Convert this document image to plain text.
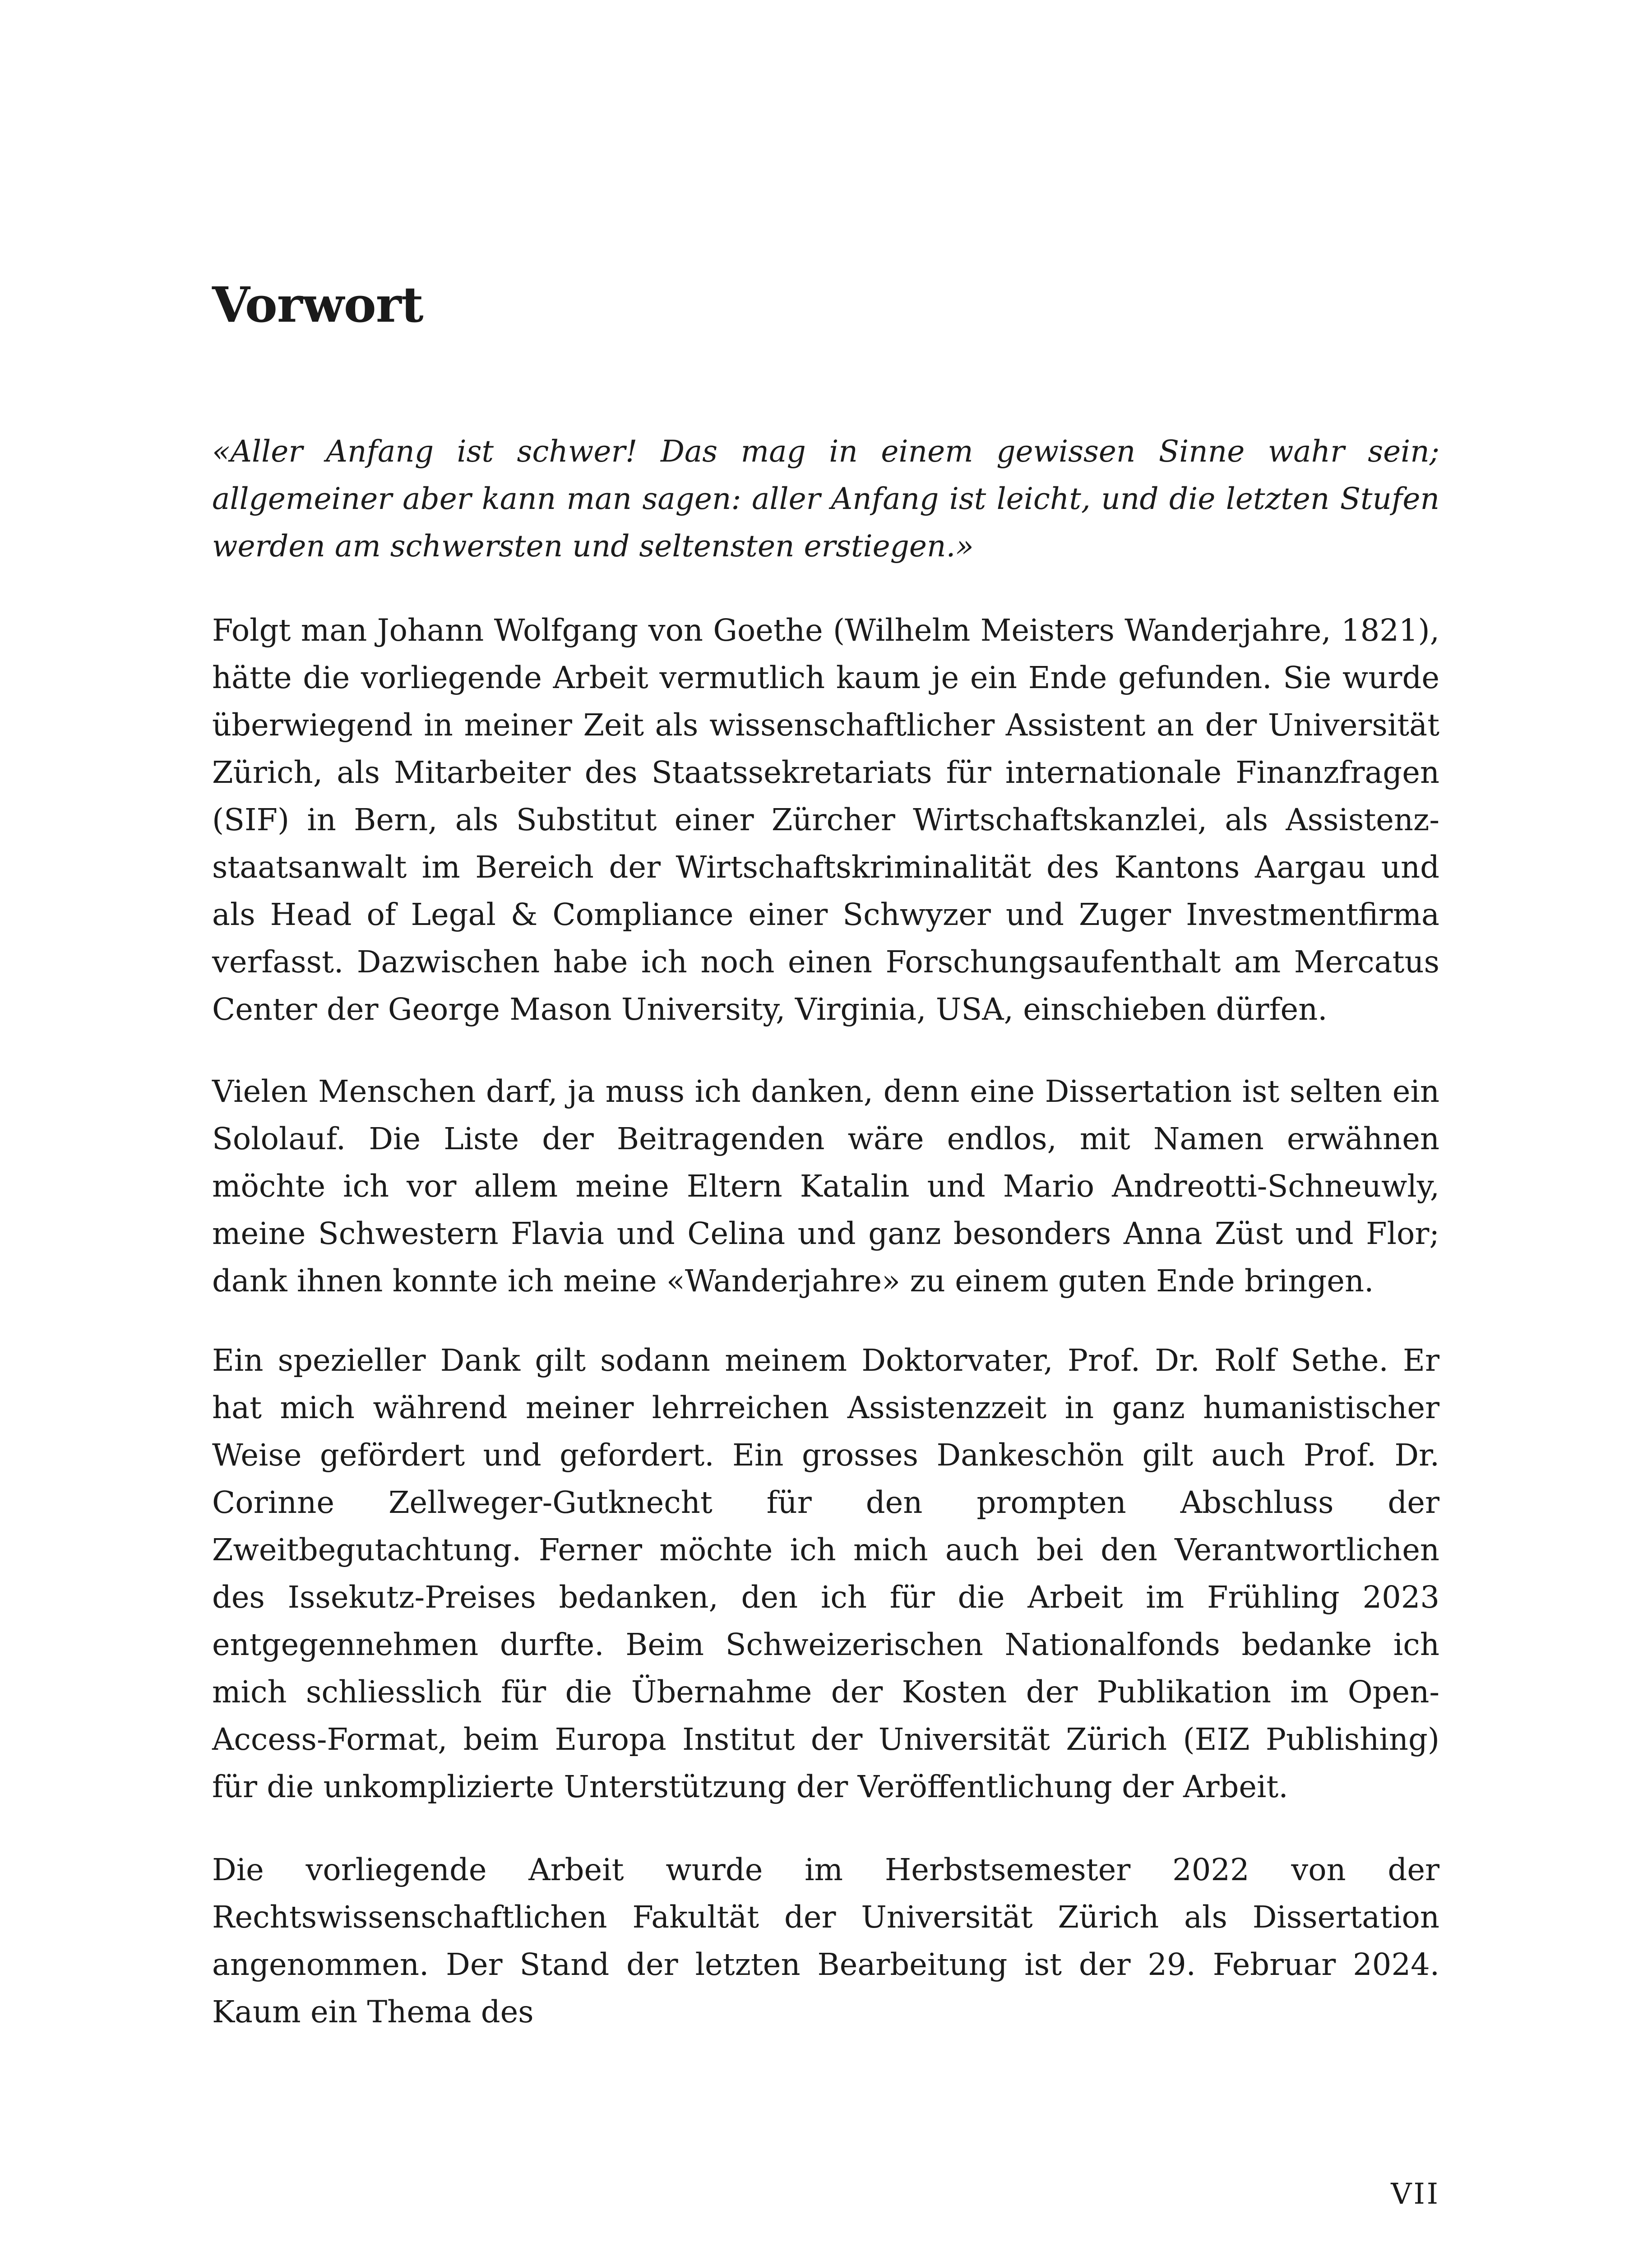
Vorwort

«Aller Anfang ist schwer! Das mag in einem gewissen Sinne wahr sein; allgemeiner aber kann man sagen: aller Anfang ist leicht, und die letzten Stufen werden am schwersten und seltensten erstiegen.»

Folgt man Johann Wolfgang von Goethe (Wilhelm Meisters Wanderjahre, 1821), hätte die vorliegende Arbeit vermutlich kaum je ein Ende gefunden. Sie wurde überwiegend in meiner Zeit als wissenschaftlicher Assistent an der Universität Zürich, als Mitarbeiter des Staatssekretariats für internationale Finanzfragen (SIF) in Bern, als Substitut einer Zürcher Wirtschaftskanzlei, als Assistenzstaatsanwalt im Bereich der Wirtschaftskriminalität des Kantons Aargau und als Head of Legal & Compliance einer Schwyzer und Zuger Investmentfirma verfasst. Dazwischen habe ich noch einen Forschungsaufenthalt am Mercatus Center der George Mason University, Virginia, USA, einschieben dürfen.

Vielen Menschen darf, ja muss ich danken, denn eine Dissertation ist selten ein Sololauf. Die Liste der Beitragenden wäre endlos, mit Namen erwähnen möchte ich vor allem meine Eltern Katalin und Mario Andreotti-Schneuwly, meine Schwestern Flavia und Celina und ganz besonders Anna Züst und Flor; dank ihnen konnte ich meine «Wanderjahre» zu einem guten Ende bringen.

Ein spezieller Dank gilt sodann meinem Doktorvater, Prof. Dr. Rolf Sethe. Er hat mich während meiner lehrreichen Assistenzzeit in ganz humanistischer Weise gefördert und gefordert. Ein grosses Dankeschön gilt auch Prof. Dr. Corinne Zellweger-Gutknecht für den prompten Abschluss der Zweitbegutachtung. Ferner möchte ich mich auch bei den Verantwortlichen des Issekutz-Preises bedanken, den ich für die Arbeit im Frühling 2023 entgegennehmen durfte. Beim Schweizerischen Nationalfonds bedanke ich mich schliesslich für die Übernahme der Kosten der Publikation im Open-Access-Format, beim Europa Institut der Universität Zürich (EIZ Publishing) für die unkomplizierte Unterstützung der Veröffentlichung der Arbeit.

Die vorliegende Arbeit wurde im Herbstsemester 2022 von der Rechtswissenschaftlichen Fakultät der Universität Zürich als Dissertation angenommen. Der Stand der letzten Bearbeitung ist der 29. Februar 2024. Kaum ein Thema des

VII
